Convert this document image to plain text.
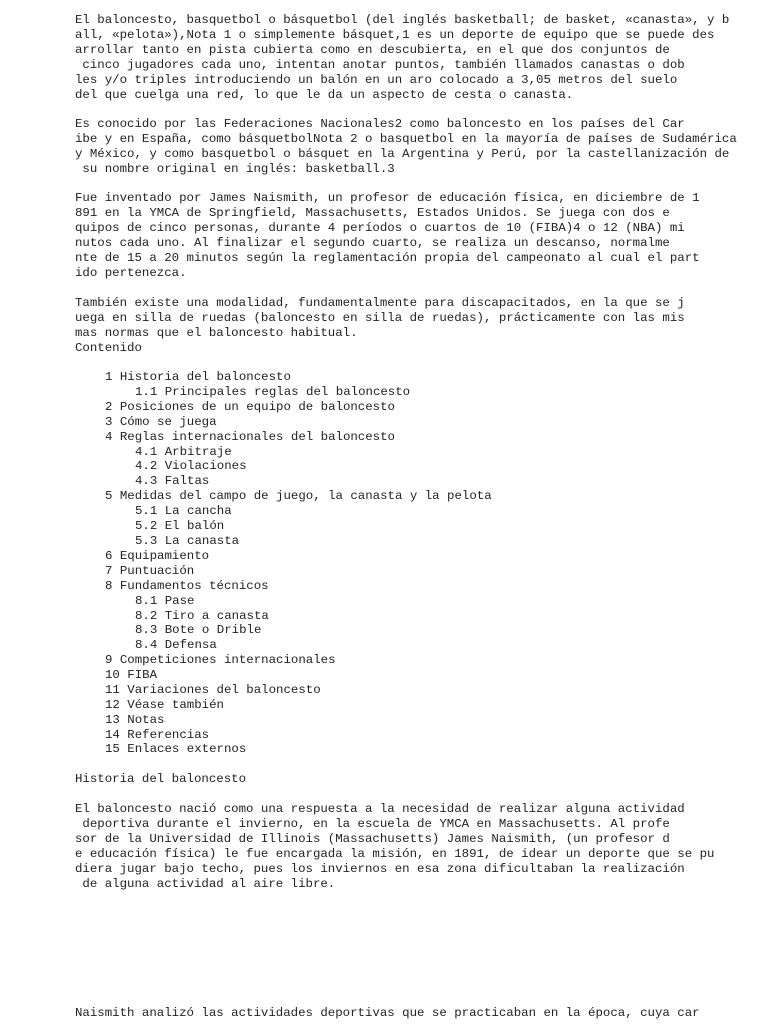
El baloncesto, basquetbol o básquetbol (del inglés basketball; de basket, «canasta», y b

all, «pelota»),Nota 1 o simplemente básquet,1 es un deporte de equipo que se puede des

arrollar tanto en pista cubierta como en descubierta, en el que dos conjuntos de

cinco jugadores cada uno, intentan anotar puntos, también llamados canastas o dob

les y/o triples introduciendo un balón en un aro colocado a 3,05 metros del suelo

del que cuelga una red, lo que le da un aspecto de cesta o canasta.

Es conocido por las Federaciones Nacionales2 como baloncesto en los países del Car

ibe y en España, como básquetbolNota 2 o basquetbol en la mayoría de países de Sudamérica

y México, y como basquetbol o básquet en la Argentina y Perú, por la castellanización de

su nombre original en inglés: basketball.3

Fue inventado por James Naismith, un profesor de educación física, en diciembre de 1

891 en la YMCA de Springfield, Massachusetts, Estados Unidos. Se juega con dos e

quipos de cinco personas, durante 4 períodos o cuartos de 10 (FIBA)4 o 12 (NBA) mi

nutos cada uno. Al finalizar el segundo cuarto, se realiza un descanso, normalme

nte de 15 a 20 minutos según la reglamentación propia del campeonato al cual el part

ido pertenezca.

También existe una modalidad, fundamentalmente para discapacitados, en la que se j

uega en silla de ruedas (baloncesto en silla de ruedas), prácticamente con las mis

mas normas que el baloncesto habitual.

Contenido

1 Historia del baloncesto

1.1 Principales reglas del baloncesto

2 Posiciones de un equipo de baloncesto

3 Cómo se juega

4 Reglas internacionales del baloncesto

4.1 Arbitraje

4.2 Violaciones

4.3 Faltas

5 Medidas del campo de juego, la canasta y la pelota

5.1 La cancha

5.2 El balón

5.3 La canasta

6 Equipamiento

7 Puntuación

8 Fundamentos técnicos

8.1 Pase

8.2 Tiro a canasta

8.3 Bote o Drible

8.4 Defensa

9 Competiciones internacionales

10 FIBA

11 Variaciones del baloncesto

12 Véase también

13 Notas

14 Referencias

15 Enlaces externos

Historia del baloncesto

El baloncesto nació como una respuesta a la necesidad de realizar alguna actividad

deportiva durante el invierno, en la escuela de YMCA en Massachusetts. Al profe

sor de la Universidad de Illinois (Massachusetts) James Naismith, (un profesor d

e educación física) le fue encargada la misión, en 1891, de idear un deporte que se pu

diera jugar bajo techo, pues los inviernos en esa zona dificultaban la realización

de alguna actividad al aire libre.

Naismith analizó las actividades deportivas que se practicaban en la época, cuya car
